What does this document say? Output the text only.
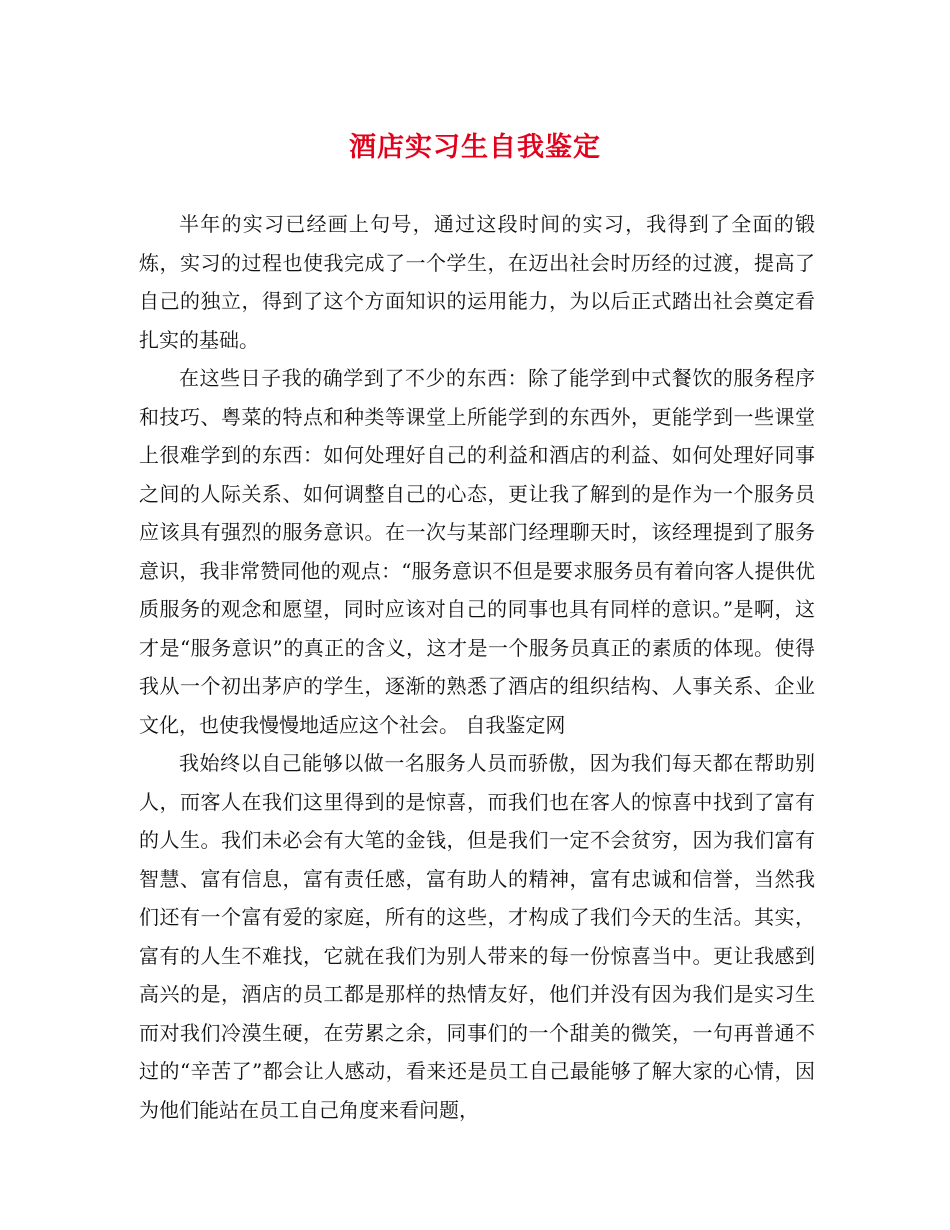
酒店实习生自我鉴定

半年的实习已经画上句号，通过这段时间的实习，我得到了全面的锻炼，实习的过程也使我完成了一个学生，在迈出社会时历经的过渡，提高了自己的独立，得到了这个方面知识的运用能力，为以后正式踏出社会奠定看扎实的基础。

在这些日子我的确学到了不少的东西：除了能学到中式餐饮的服务程序和技巧、粤菜的特点和种类等课堂上所能学到的东西外，更能学到一些课堂上很难学到的东西：如何处理好自己的利益和酒店的利益、如何处理好同事之间的人际关系、如何调整自己的心态，更让我了解到的是作为一个服务员应该具有强烈的服务意识。在一次与某部门经理聊天时，该经理提到了服务意识，我非常赞同他的观点：“服务意识不但是要求服务员有着向客人提供优质服务的观念和愿望，同时应该对自己的同事也具有同样的意识。”是啊，这才是“服务意识”的真正的含义，这才是一个服务员真正的素质的体现。使得我从一个初出茅庐的学生，逐渐的熟悉了酒店的组织结构、人事关系、企业文化，也使我慢慢地适应这个社会。 自我鉴定网

我始终以自己能够以做一名服务人员而骄傲，因为我们每天都在帮助别人，而客人在我们这里得到的是惊喜，而我们也在客人的惊喜中找到了富有的人生。我们未必会有大笔的金钱，但是我们一定不会贫穷，因为我们富有智慧、富有信息，富有责任感，富有助人的精神，富有忠诚和信誉，当然我们还有一个富有爱的家庭，所有的这些，才构成了我们今天的生活。其实，富有的人生不难找，它就在我们为别人带来的每一份惊喜当中。更让我感到高兴的是，酒店的员工都是那样的热情友好，他们并没有因为我们是实习生而对我们冷漠生硬，在劳累之余，同事们的一个甜美的微笑，一句再普通不过的“辛苦了”都会让人感动，看来还是员工自己最能够了解大家的心情，因为他们能站在员工自己角度来看问题，
